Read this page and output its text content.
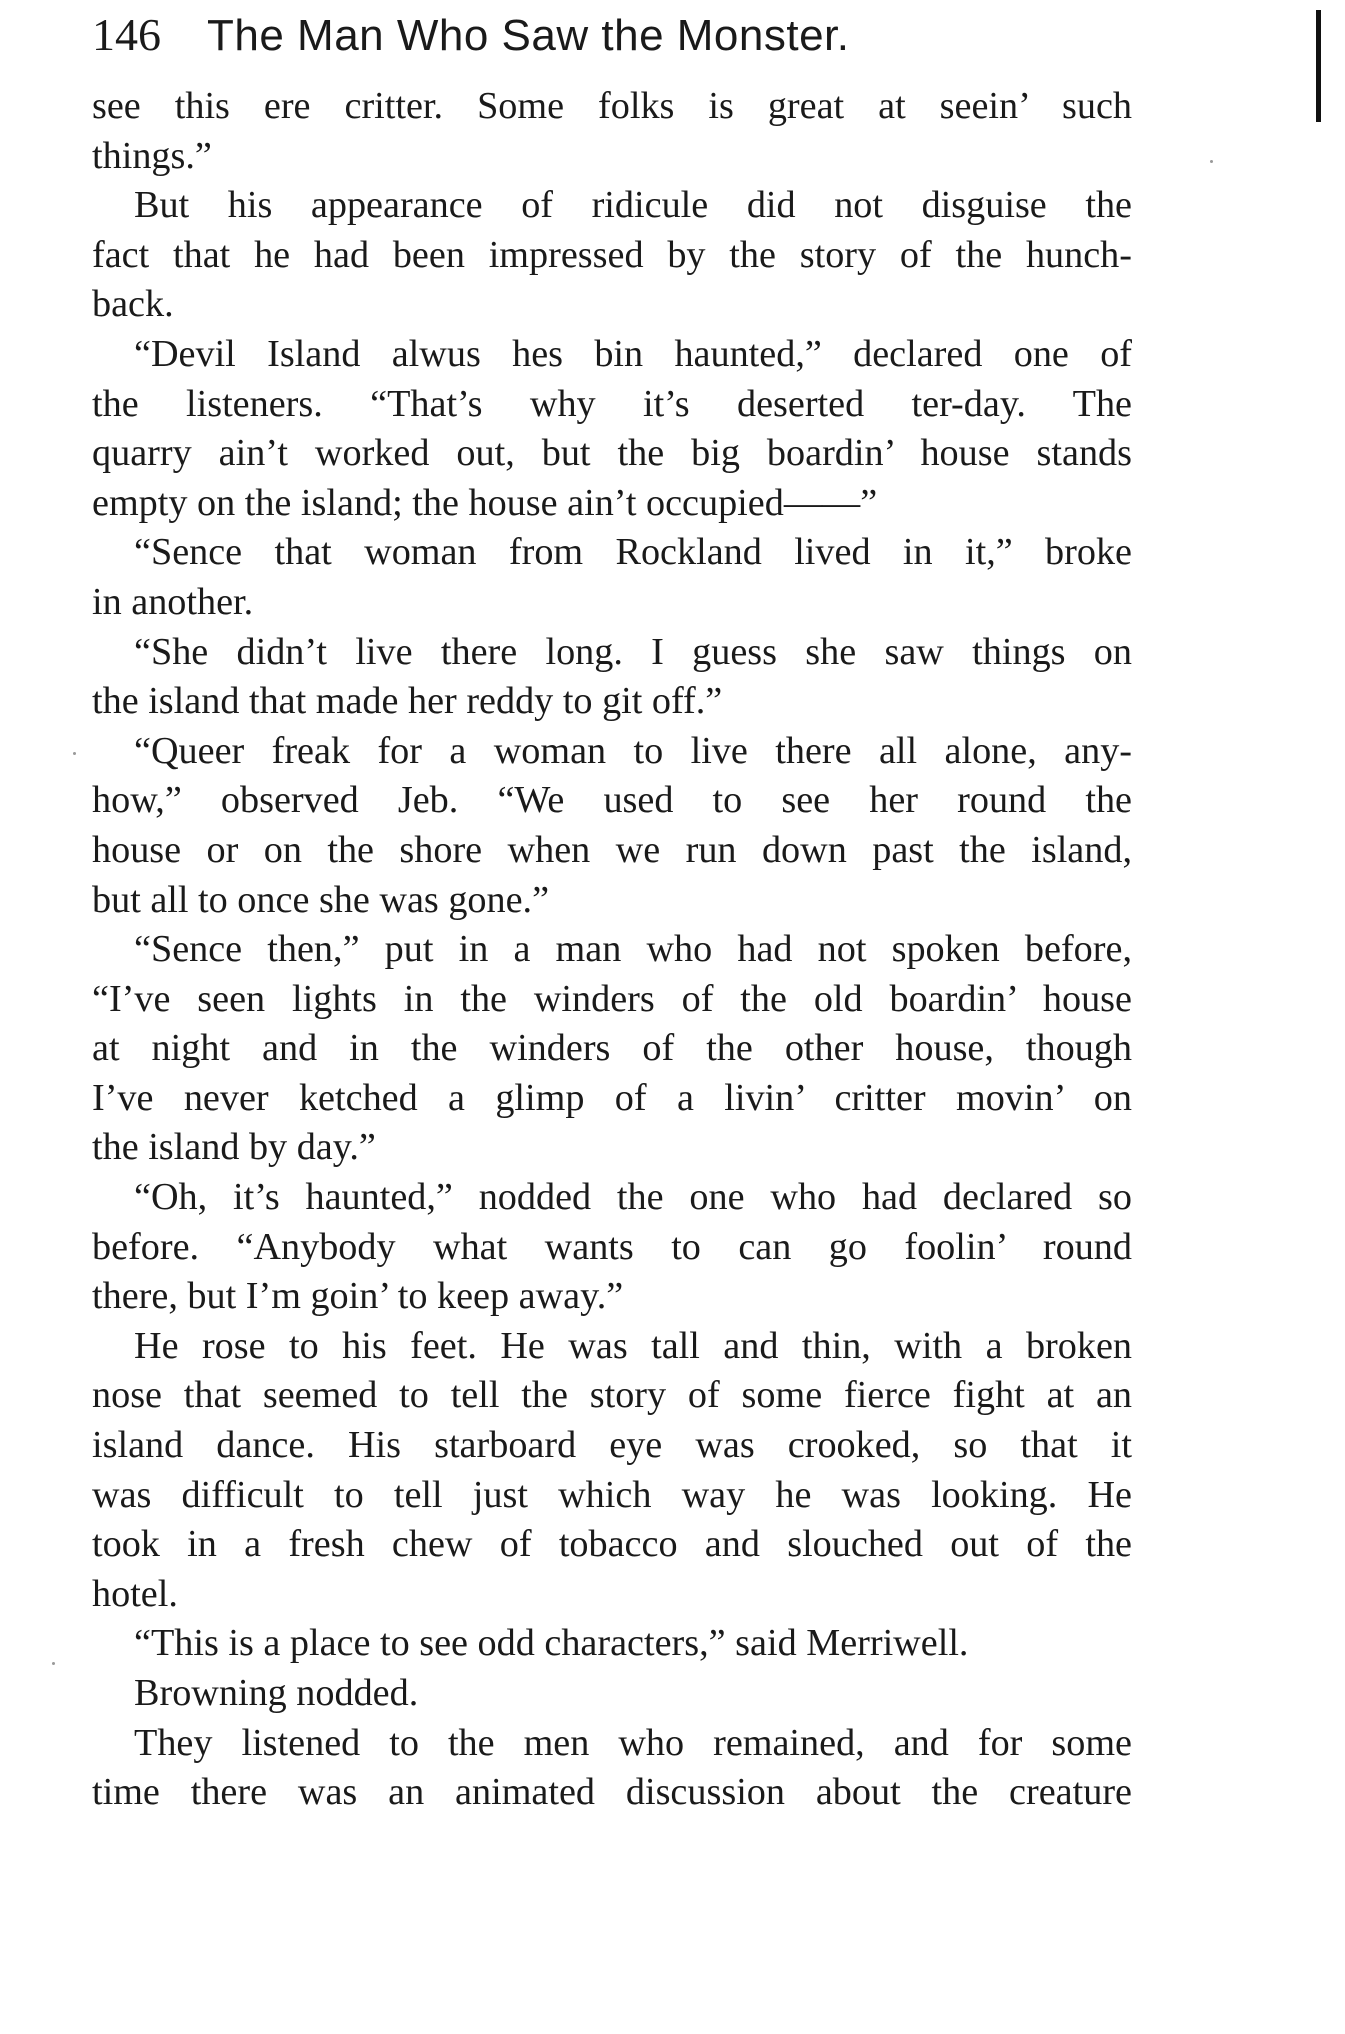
146 The Man Who Saw the Monster.
see this ere critter. Some folks is great at seein’ such
things.”
But his appearance of ridicule did not disguise the
fact that he had been impressed by the story of the hunch-
back.
“Devil Island alwus hes bin haunted,” declared one of
the listeners. “That’s why it’s deserted ter-day. The
quarry ain’t worked out, but the big boardin’ house stands
empty on the island; the house ain’t occupied——”
“Sence that woman from Rockland lived in it,” broke
in another.
“She didn’t live there long. I guess she saw things on
the island that made her reddy to git off.”
“Queer freak for a woman to live there all alone, any-
how,” observed Jeb. “We used to see her round the
house or on the shore when we run down past the island,
but all to once she was gone.”
“Sence then,” put in a man who had not spoken before,
“I’ve seen lights in the winders of the old boardin’ house
at night and in the winders of the other house, though
I’ve never ketched a glimp of a livin’ critter movin’ on
the island by day.”
“Oh, it’s haunted,” nodded the one who had declared so
before. “Anybody what wants to can go foolin’ round
there, but I’m goin’ to keep away.”
He rose to his feet. He was tall and thin, with a broken
nose that seemed to tell the story of some fierce fight at an
island dance. His starboard eye was crooked, so that it
was difficult to tell just which way he was looking. He
took in a fresh chew of tobacco and slouched out of the
hotel.
“This is a place to see odd characters,” said Merriwell.
Browning nodded.
They listened to the men who remained, and for some
time there was an animated discussion about the creature
